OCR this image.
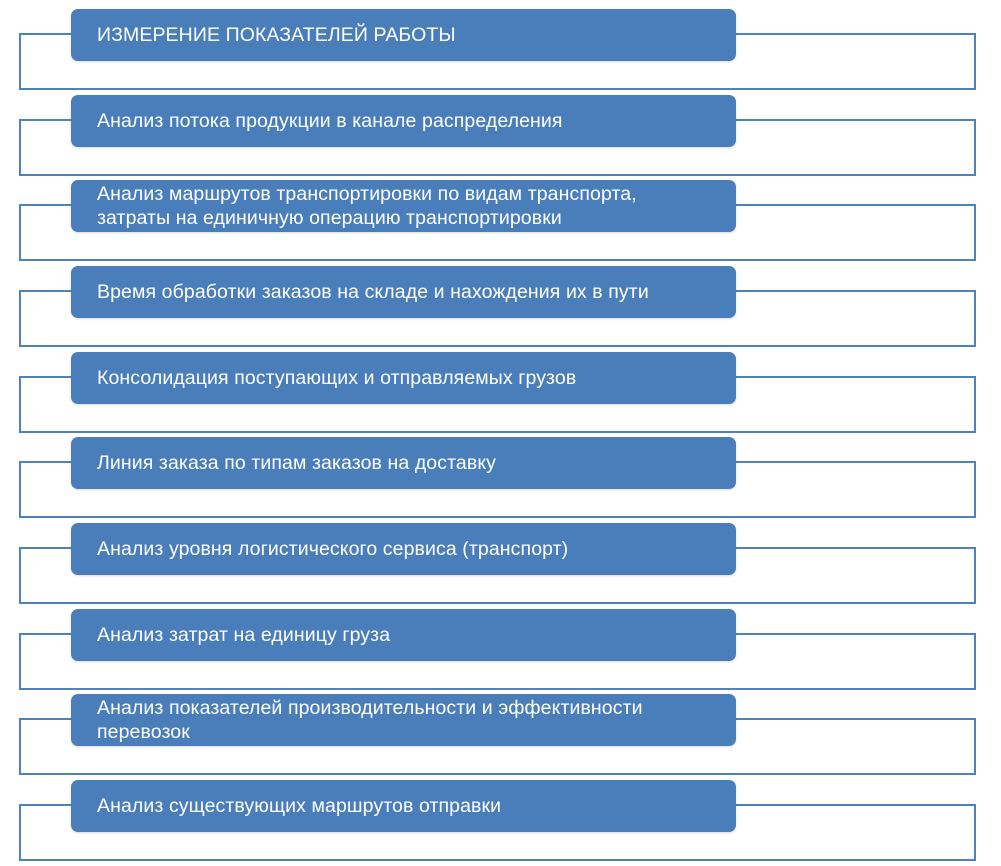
ИЗМЕРЕНИЕ ПОКАЗАТЕЛЕЙ РАБОТЫ
Анализ потока продукции в канале распределения
Анализ маршрутов транспортировки по видам транспорта, затраты на единичную операцию транспортировки
Время обработки заказов на складе и нахождения их в пути
Консолидация поступающих и отправляемых грузов
Линия заказа по типам заказов на доставку
Анализ уровня логистического сервиса (транспорт)
Анализ затрат на единицу груза
Анализ показателей производительности и эффективности перевозок
Анализ существующих маршрутов отправки
